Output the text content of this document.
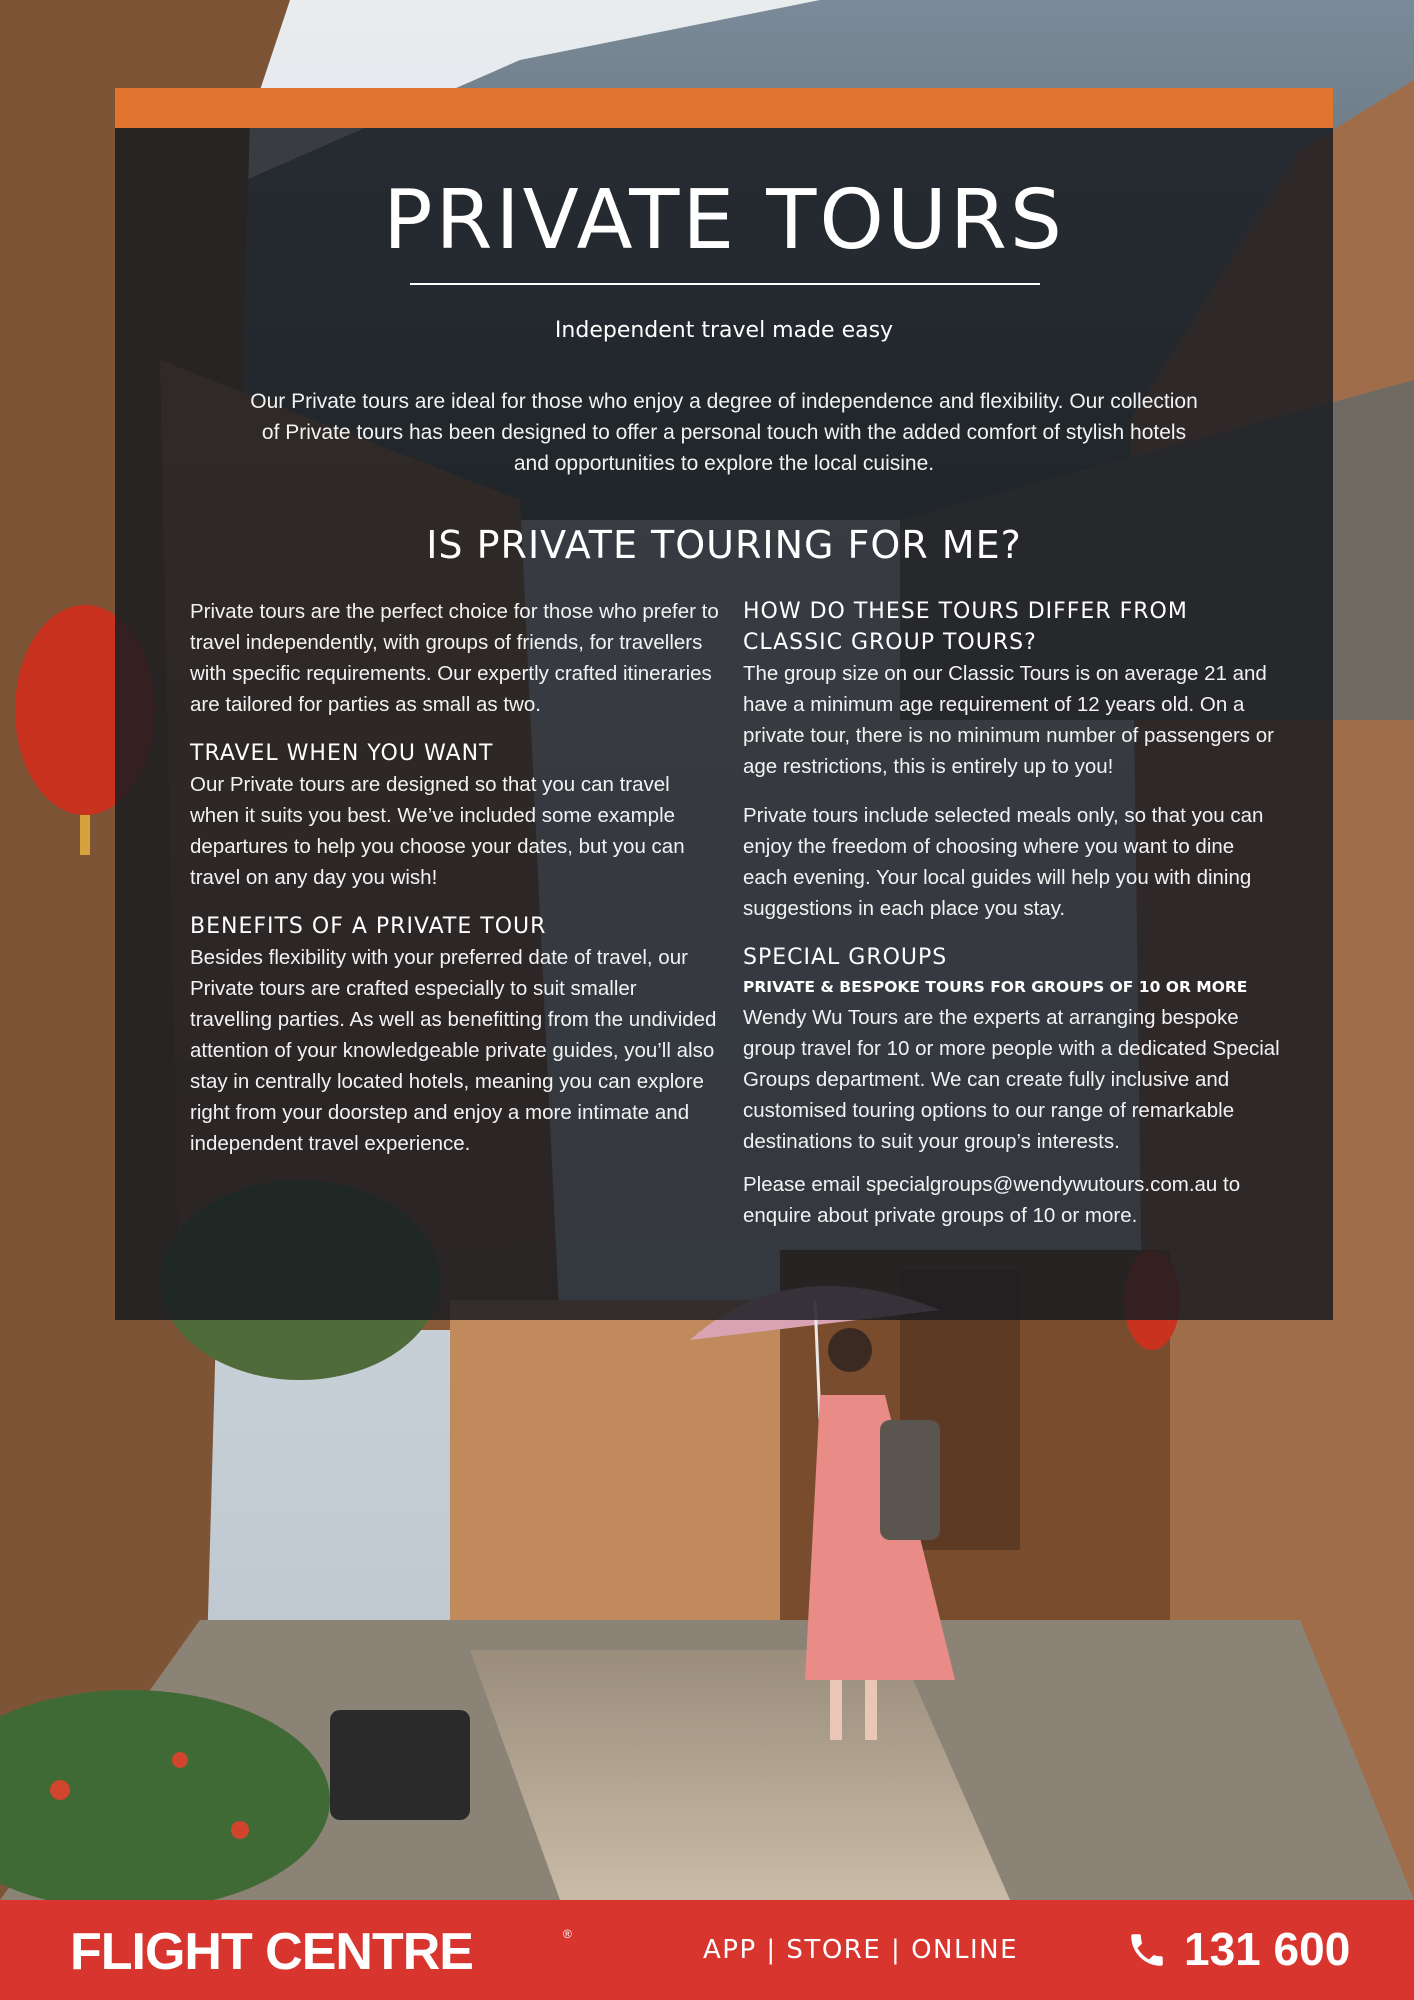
PRIVATE TOURS
Independent travel made easy
Our Private tours are ideal for those who enjoy a degree of independence and flexibility. Our collection of Private tours has been designed to offer a personal touch with the added comfort of stylish hotels and opportunities to explore the local cuisine.
IS PRIVATE TOURING FOR ME?

Private tours are the perfect choice for those who prefer to travel independently, with groups of friends, for travellers with specific requirements. Our expertly crafted itineraries are tailored for parties as small as two.

TRAVEL WHEN YOU WANT

Our Private tours are designed so that you can travel when it suits you best. We’ve included some example departures to help you choose your dates, but you can travel on any day you wish!

BENEFITS OF A PRIVATE TOUR

Besides flexibility with your preferred date of travel, our Private tours are crafted especially to suit smaller travelling parties. As well as benefitting from the undivided attention of your knowledgeable private guides, you’ll also stay in centrally located hotels, meaning you can explore right from your doorstep and enjoy a more intimate and independent travel experience.

HOW DO THESE TOURS DIFFER FROM CLASSIC GROUP TOURS?

The group size on our Classic Tours is on average 21 and have a minimum age requirement of 12 years old. On a private tour, there is no minimum number of passengers or age restrictions, this is entirely up to you!

Private tours include selected meals only, so that you can enjoy the freedom of choosing where you want to dine each evening. Your local guides will help you with dining suggestions in each place you stay.

SPECIAL GROUPS
PRIVATE & BESPOKE TOURS FOR GROUPS OF 10 OR MORE

Wendy Wu Tours are the experts at arranging bespoke group travel for 10 or more people with a dedicated Special Groups department. We can create fully inclusive and customised touring options to our range of remarkable destinations to suit your group’s interests.

Please email specialgroups@wendywutours.com.au to enquire about private groups of 10 or more.

FLIGHT CENTRE	®
APP | STORE | ONLINE	131 600
